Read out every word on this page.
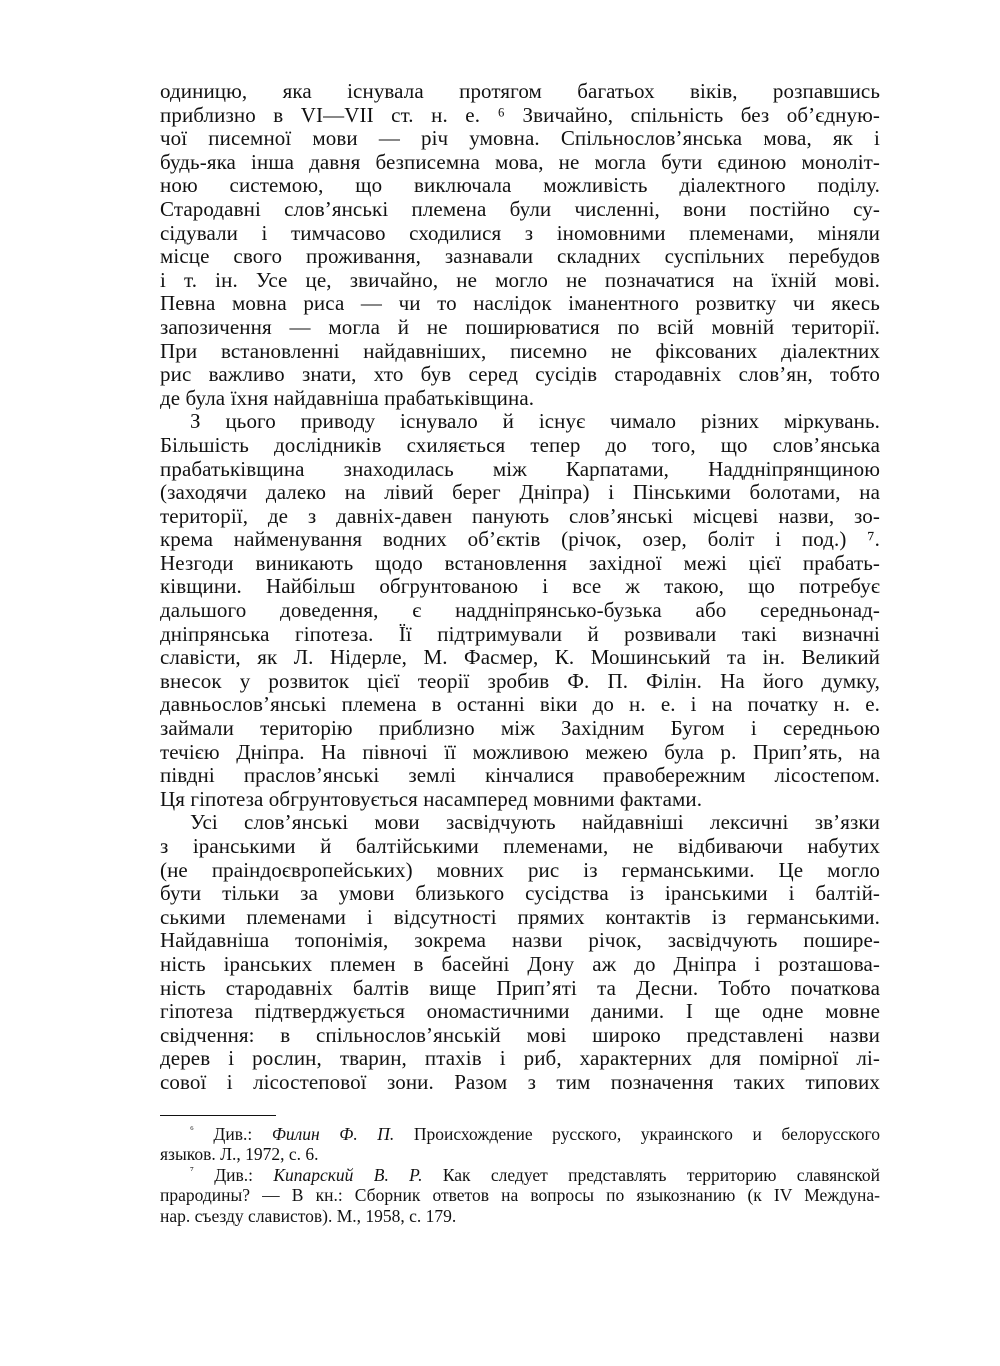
одиницю, яка існувала протягом багатьох віків, розпавшись
приблизно в VI—VII ст. н. е. ⁶ Звичайно, спільність без об’єдную-
чої писемної мови — річ умовна. Спільнослов’янська мова, як і
будь-яка інша давня безписемна мова, не могла бути єдиною моноліт-
ною системою, що виключала можливість діалектного поділу.
Стародавні слов’янські племена були численні, вони постійно су-
сідували і тимчасово сходилися з іномовними племенами, міняли
місце свого проживання, зазнавали складних суспільних перебудов
і т. ін. Усе це, звичайно, не могло не позначатися на їхній мові.
Певна мовна риса — чи то наслідок іманентного розвитку чи якесь
запозичення — могла й не поширюватися по всій мовній території.
При встановленні найдавніших, писемно не фіксованих діалектних
рис важливо знати, хто був серед сусідів стародавніх слов’ян, тобто
де була їхня найдавніша прабатьківщина.
З цього приводу існувало й існує чимало різних міркувань.
Більшість дослідників схиляється тепер до того, що слов’янська
прабатьківщина знаходилась між Карпатами, Наддніпрянщиною
(заходячи далеко на лівий берег Дніпра) і Пінськими болотами, на
території, де з давніх-давен панують слов’янські місцеві назви, зо-
крема найменування водних об’єктів (річок, озер, боліт і под.) ⁷.
Незгоди виникають щодо встановлення західної межі цієї прабать-
ківщини. Найбільш обгрунтованою і все ж такою, що потребує
дальшого доведення, є наддніпрянсько-бузька або середньонад-
дніпрянська гіпотеза. Її підтримували й розвивали такі визначні
славісти, як Л. Нідерле, М. Фасмер, К. Мошинський та ін. Великий
внесок у розвиток цієї теорії зробив Ф. П. Філін. На його думку,
давньослов’янські племена в останні віки до н. е. і на початку н. е.
займали територію приблизно між Західним Бугом і середньою
течією Дніпра. На півночі її можливою межею була р. Прип’ять, на
півдні праслов’янські землі кінчалися правобережним лісостепом.
Ця гіпотеза обгрунтовується насамперед мовними фактами.
Усі слов’янські мови засвідчують найдавніші лексичні зв’язки
з іранськими й балтійськими племенами, не відбиваючи набутих
(не праіндоєвропейських) мовних рис із германськими. Це могло
бути тільки за умови близького сусідства із іранськими і балтій-
ськими племенами і відсутності прямих контактів із германськими.
Найдавніша топонімія, зокрема назви річок, засвідчують пошире-
ність іранських племен в басейні Дону аж до Дніпра і розташова-
ність стародавніх балтів вище Прип’яті та Десни. Тобто початкова
гіпотеза підтверджується ономастичними даними. І ще одне мовне
свідчення: в спільнослов’янській мові широко представлені назви
дерев і рослин, тварин, птахів і риб, характерних для помірної лі-
сової і лісостепової зони. Разом з тим позначення таких типових
$^{^6}$ Див.: Филин Ф. П. Происхождение русского, украинского и белорусского
языков. Л., 1972, с. 6.
$^{^7}$ Див.: Кипарский В. Р. Как следует представлять территорию славянской
прародины? — В кн.: Сборник ответов на вопросы по языкознанию (к IV Междуна-
нар. съезду славистов). М., 1958, с. 179.
